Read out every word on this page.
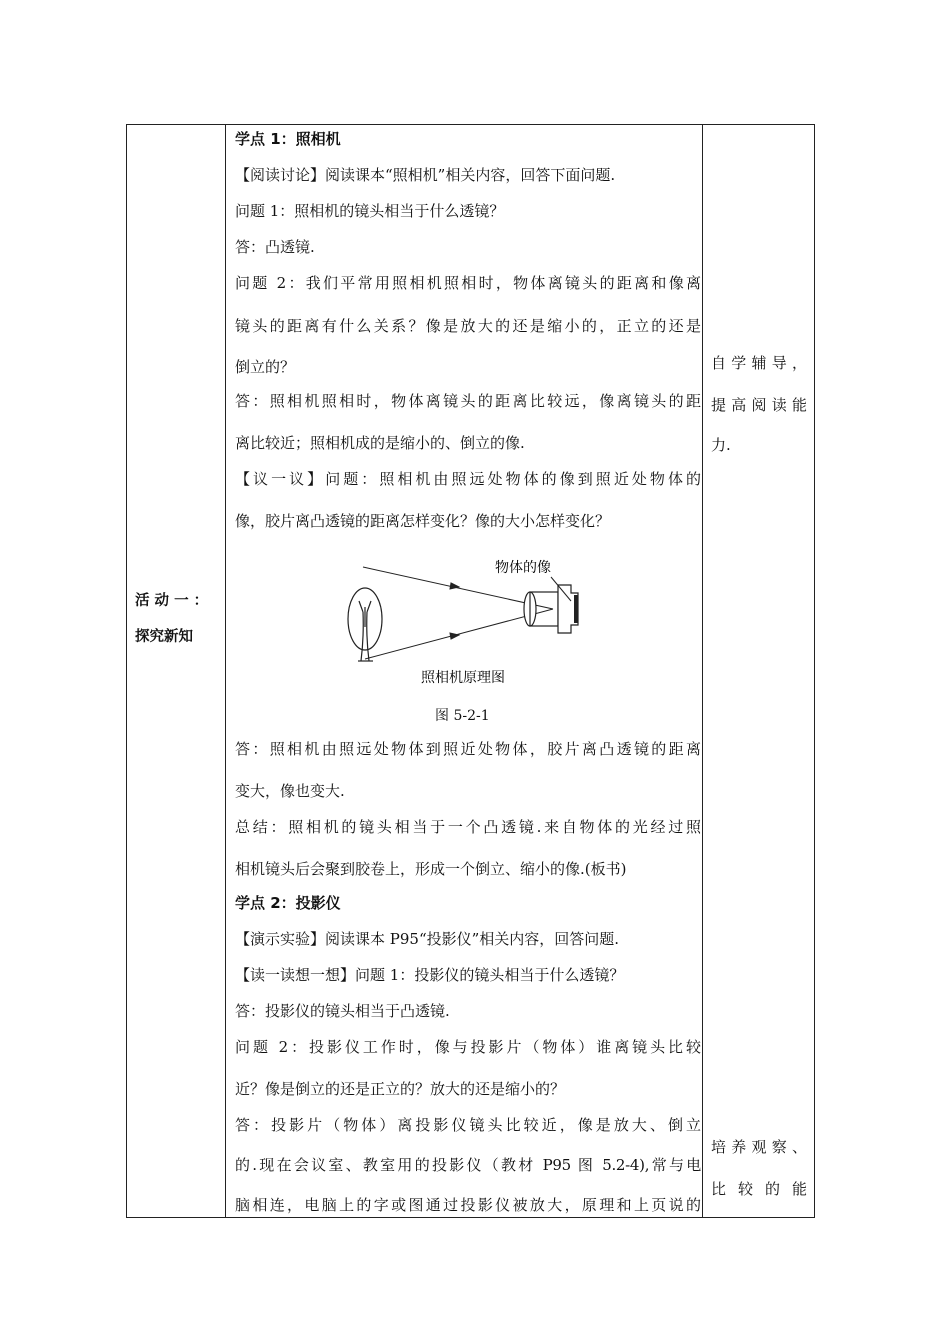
活 动 一 ：
探究新知
学点 1：照相机
【阅读讨论】阅读课本“照相机”相关内容，回答下面问题.
问题 1：照相机的镜头相当于什么透镜？
答：凸透镜.
问题 2：我们平常用照相机照相时，物体离镜头的距离和像离
镜头的距离有什么关系？像是放大的还是缩小的，正立的还是
倒立的？
答：照相机照相时，物体离镜头的距离比较远，像离镜头的距
离比较近；照相机成的是缩小的、倒立的像.
【议一议】问题：照相机由照远处物体的像到照近处物体的
像，胶片离凸透镜的距离怎样变化？像的大小怎样变化？
物体的像
照相机原理图
图 5-2-1
答：照相机由照远处物体到照近处物体，胶片离凸透镜的距离
变大，像也变大.
总结：照相机的镜头相当于一个凸透镜.来自物体的光经过照
相机镜头后会聚到胶卷上，形成一个倒立、缩小的像.(板书)
学点 2：投影仪
【演示实验】阅读课本 P95“投影仪”相关内容，回答问题.
【读一读想一想】问题 1：投影仪的镜头相当于什么透镜？
答：投影仪的镜头相当于凸透镜.
问题 2：投影仪工作时，像与投影片（物体）谁离镜头比较
近？像是倒立的还是正立的？放大的还是缩小的？
答：投影片（物体）离投影仪镜头比较近，像是放大、倒立
的.现在会议室、教室用的投影仪（教材 P95 图 5.2-4),常与电
脑相连，电脑上的字或图通过投影仪被放大，原理和上页说的
自学辅导，
提高阅读能
力.
培养观察、
比 较 的 能
